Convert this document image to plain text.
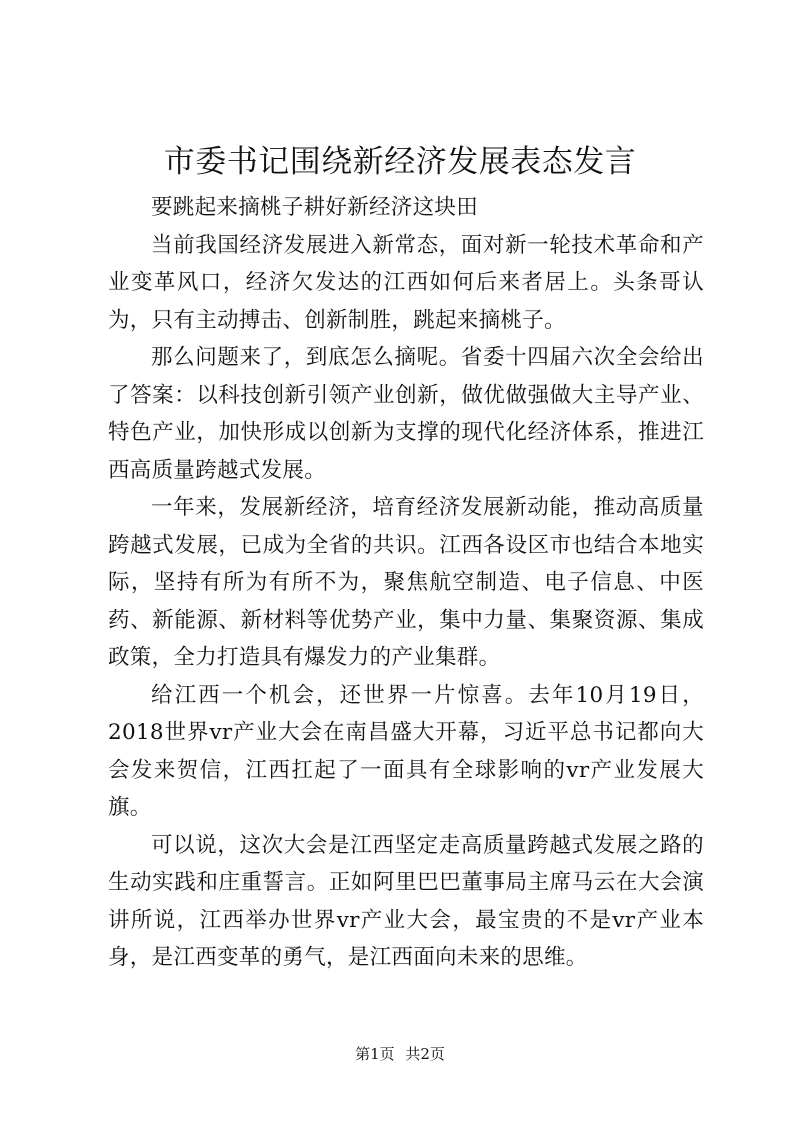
市委书记围绕新经济发展表态发言

要跳起来摘桃子耕好新经济这块田

当前我国经济发展进入新常态，面对新一轮技术革命和产业变革风口，经济欠发达的江西如何后来者居上。头条哥认为，只有主动搏击、创新制胜，跳起来摘桃子。

那么问题来了，到底怎么摘呢。省委十四届六次全会给出了答案：以科技创新引领产业创新，做优做强做大主导产业、特色产业，加快形成以创新为支撑的现代化经济体系，推进江西高质量跨越式发展。

一年来，发展新经济，培育经济发展新动能，推动高质量跨越式发展，已成为全省的共识。江西各设区市也结合本地实际，坚持有所为有所不为，聚焦航空制造、电子信息、中医药、新能源、新材料等优势产业，集中力量、集聚资源、集成政策，全力打造具有爆发力的产业集群。

给江西一个机会，还世界一片惊喜。去年10月19日，2018世界vr产业大会在南昌盛大开幕，习近平总书记都向大会发来贺信，江西扛起了一面具有全球影响的vr产业发展大旗。

可以说，这次大会是江西坚定走高质量跨越式发展之路的生动实践和庄重誓言。正如阿里巴巴董事局主席马云在大会演讲所说，江西举办世界vr产业大会，最宝贵的不是vr产业本身，是江西变革的勇气，是江西面向未来的思维。

第1页 共2页
